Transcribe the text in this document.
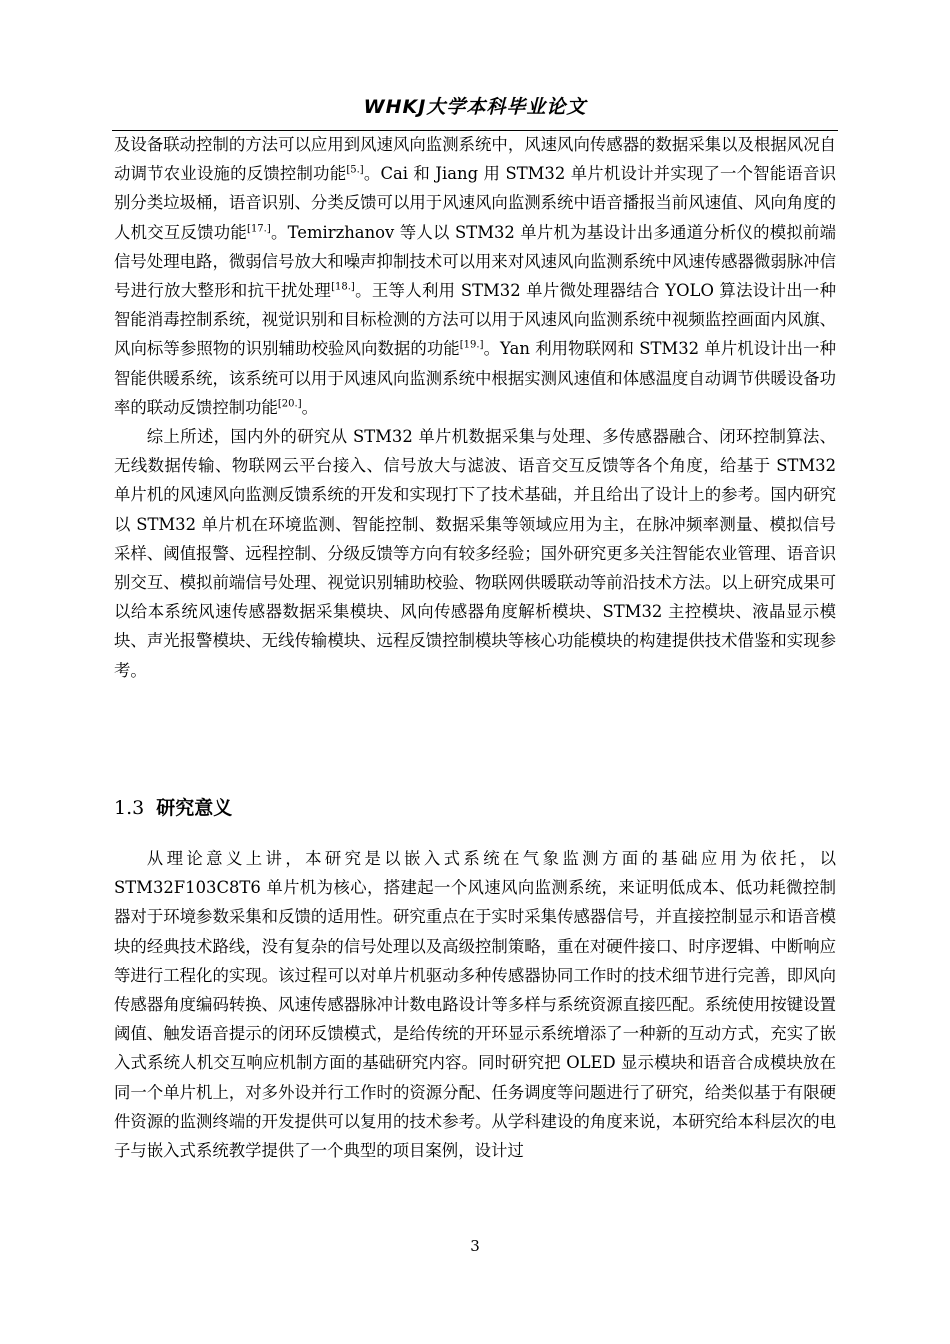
WHKJ大学本科毕业论文

及设备联动控制的方法可以应用到风速风向监测系统中，风速风向传感器的数据采集以及根据风况自动调节农业设施的反馈控制功能[5.]。Cai 和 Jiang 用 STM32 单片机设计并实现了一个智能语音识别分类垃圾桶，语音识别、分类反馈可以用于风速风向监测系统中语音播报当前风速值、风向角度的人机交互反馈功能[17.]。Temirzhanov 等人以 STM32 单片机为基设计出多通道分析仪的模拟前端信号处理电路，微弱信号放大和噪声抑制技术可以用来对风速风向监测系统中风速传感器微弱脉冲信号进行放大整形和抗干扰处理[18.]。王等人利用 STM32 单片微处理器结合 YOLO 算法设计出一种智能消毒控制系统，视觉识别和目标检测的方法可以用于风速风向监测系统中视频监控画面内风旗、风向标等参照物的识别辅助校验风向数据的功能[19.]。Yan 利用物联网和 STM32 单片机设计出一种智能供暖系统，该系统可以用于风速风向监测系统中根据实测风速值和体感温度自动调节供暖设备功率的联动反馈控制功能[20.]。

综上所述，国内外的研究从 STM32 单片机数据采集与处理、多传感器融合、闭环控制算法、无线数据传输、物联网云平台接入、信号放大与滤波、语音交互反馈等各个角度，给基于 STM32 单片机的风速风向监测反馈系统的开发和实现打下了技术基础，并且给出了设计上的参考。国内研究以 STM32 单片机在环境监测、智能控制、数据采集等领域应用为主，在脉冲频率测量、模拟信号采样、阈值报警、远程控制、分级反馈等方向有较多经验；国外研究更多关注智能农业管理、语音识别交互、模拟前端信号处理、视觉识别辅助校验、物联网供暖联动等前沿技术方法。以上研究成果可以给本系统风速传感器数据采集模块、风向传感器角度解析模块、STM32 主控模块、液晶显示模块、声光报警模块、无线传输模块、远程反馈控制模块等核心功能模块的构建提供技术借鉴和实现参考。

1.3 研究意义

从理论意义上讲，本研究是以嵌入式系统在气象监测方面的基础应用为依托，以 STM32F103C8T6 单片机为核心，搭建起一个风速风向监测系统，来证明低成本、低功耗微控制器对于环境参数采集和反馈的适用性。研究重点在于实时采集传感器信号，并直接控制显示和语音模块的经典技术路线，没有复杂的信号处理以及高级控制策略，重在对硬件接口、时序逻辑、中断响应等进行工程化的实现。该过程可以对单片机驱动多种传感器协同工作时的技术细节进行完善，即风向传感器角度编码转换、风速传感器脉冲计数电路设计等多样与系统资源直接匹配。系统使用按键设置阈值、触发语音提示的闭环反馈模式，是给传统的开环显示系统增添了一种新的互动方式，充实了嵌入式系统人机交互响应机制方面的基础研究内容。同时研究把 OLED 显示模块和语音合成模块放在同一个单片机上，对多外设并行工作时的资源分配、任务调度等问题进行了研究，给类似基于有限硬件资源的监测终端的开发提供可以复用的技术参考。从学科建设的角度来说，本研究给本科层次的电子与嵌入式系统教学提供了一个典型的项目案例，设计过

3
